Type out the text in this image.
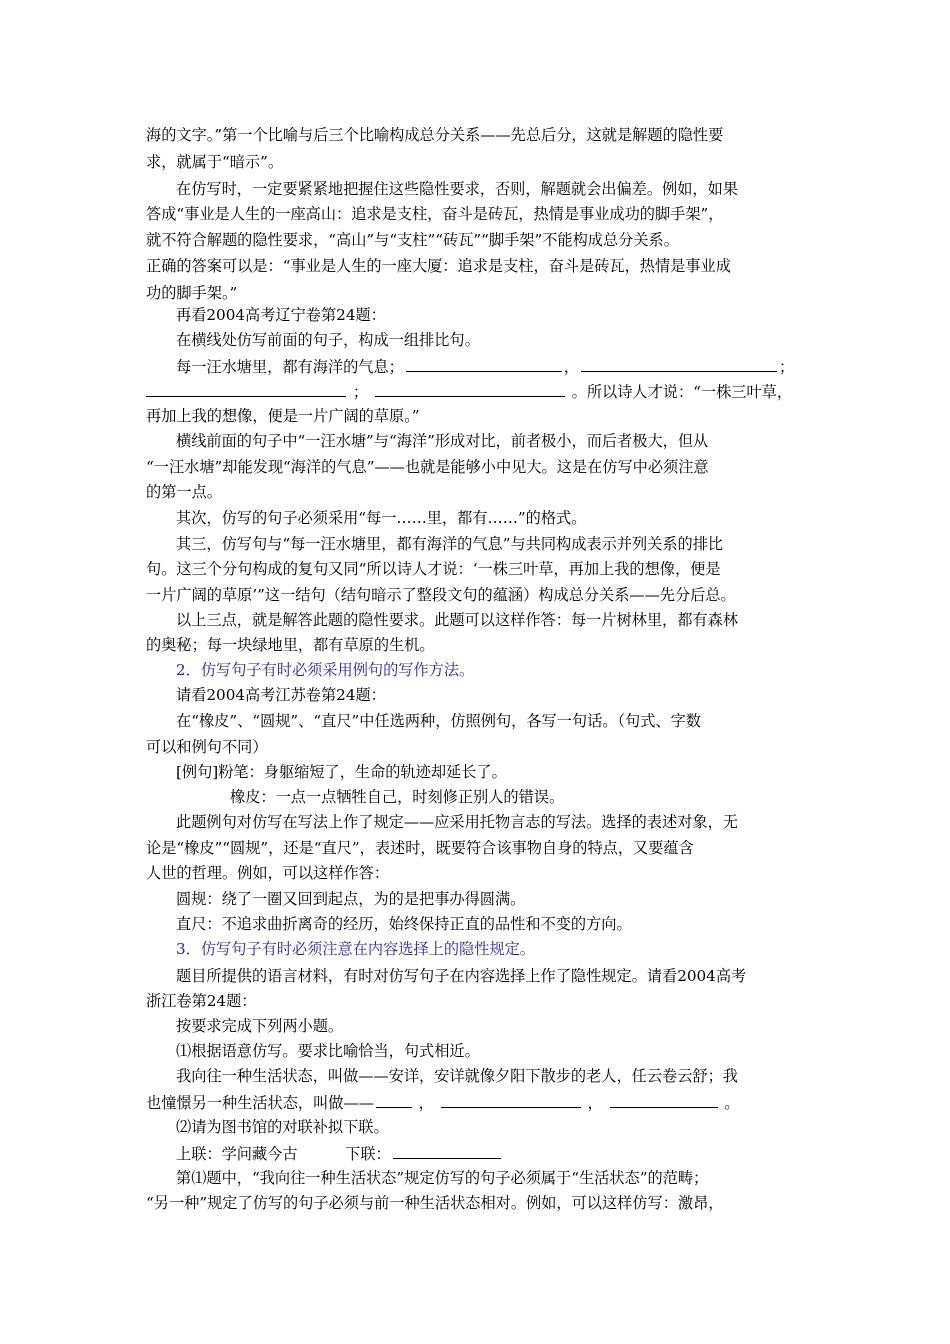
海的文字。”第一个比喻与后三个比喻构成总分关系——先总后分，这就是解题的隐性要
求，就属于“暗示”。
在仿写时，一定要紧紧地把握住这些隐性要求，否则，解题就会出偏差。例如，如果
答成“事业是人生的一座高山：追求是支柱，奋斗是砖瓦，热情是事业成功的脚手架”，
就不符合解题的隐性要求，“高山”与“支柱”“砖瓦”“脚手架”不能构成总分关系。
正确的答案可以是：“事业是人生的一座大厦：追求是支柱，奋斗是砖瓦，热情是事业成
功的脚手架。”
再看2004高考辽宁卷第24题：
在横线处仿写前面的句子，构成一组排比句。
每一汪水塘里，都有海洋的气息；	，	；
；	。所以诗人才说：“一株三叶草，
再加上我的想像，便是一片广阔的草原。”
横线前面的句子中“一汪水塘”与“海洋”形成对比，前者极小，而后者极大，但从
“一汪水塘”却能发现“海洋的气息”——也就是能够小中见大。这是在仿写中必须注意
的第一点。
其次，仿写的句子必须采用“每一……里，都有……”的格式。
其三，仿写句与“每一汪水塘里，都有海洋的气息”与共同构成表示并列关系的排比
句。这三个分句构成的复句又同“所以诗人才说：‘一株三叶草，再加上我的想像，便是
一片广阔的草原’”这一结句（结句暗示了整段文句的蕴涵）构成总分关系——先分后总。
以上三点，就是解答此题的隐性要求。此题可以这样作答：每一片树林里，都有森林
的奥秘；每一块绿地里，都有草原的生机。
2．仿写句子有时必须采用例句的写作方法。
请看2004高考江苏卷第24题：
在“橡皮”、“圆规”、“直尺”中任选两种，仿照例句，各写一句话。（句式、字数
可以和例句不同）
[例句]粉笔：身躯缩短了，生命的轨迹却延长了。
橡皮：一点一点牺牲自己，时刻修正别人的错误。
此题例句对仿写在写法上作了规定——应采用托物言志的写法。选择的表述对象，无
论是“橡皮”“圆规”，还是“直尺”，表述时，既要符合该事物自身的特点，又要蕴含
人世的哲理。例如，可以这样作答：
圆规：绕了一圈又回到起点，为的是把事办得圆满。
直尺：不追求曲折离奇的经历，始终保持正直的品性和不变的方向。
3．仿写句子有时必须注意在内容选择上的隐性规定。
题目所提供的语言材料，有时对仿写句子在内容选择上作了隐性规定。请看2004高考
浙江卷第24题：
按要求完成下列两小题。
⑴根据语意仿写。要求比喻恰当，句式相近。
我向往一种生活状态，叫做——安详，安详就像夕阳下散步的老人，任云卷云舒；我
也憧憬另一种生活状态，叫做——	，	，	。
⑵请为图书馆的对联补拟下联。
上联：学问藏今古	下联：
第⑴题中，“我向往一种生活状态”规定仿写的句子必须属于“生活状态”的范畴；
“另一种”规定了仿写的句子必须与前一种生活状态相对。例如，可以这样仿写：激昂，
